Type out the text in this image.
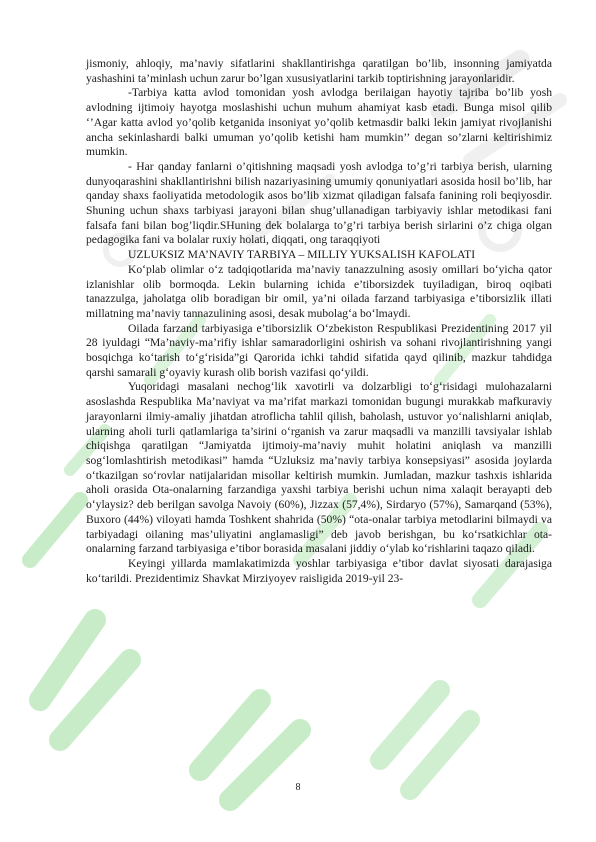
jismoniy, ahloqiy, ma’naviy sifatlarini shakllantirishga qaratilgan bo’lib, insonning jamiyatda yashashini ta’minlash uchun zarur bo’lgan xususiyatlarini tarkib toptirishning jarayonlaridir.

-Tarbiya katta avlod tomonidan yosh avlodga berilaigan hayotiy tajriba bo’lib yosh avlodning ijtimoiy hayotga moslashishi uchun muhum ahamiyat kasb etadi. Bunga misol qilib ‘’Agar katta avlod yo’qolib ketganida insoniyat yo’qolib ketmasdir balki lekin jamiyat rivojlanishi ancha sekinlashardi balki umuman yo’qolib ketishi ham mumkin’’ degan so’zlarni keltirishimiz mumkin.

- Har qanday fanlarni o’qitishning maqsadi yosh avlodga to’g’ri tarbiya berish, ularning dunyoqarashini shakllantirishni bilish nazariyasining umumiy qonuniyatlari asosida hosil bo’lib, har qanday shaxs faoliyatida metodologik asos bo’lib xizmat qiladigan falsafa fanining roli beqiyosdir. Shuning uchun shaxs tarbiyasi jarayoni bilan shug’ullanadigan tarbiyaviy ishlar metodikasi fani falsafa fani bilan bog’liqdir.SHuning dek bolalarga to’g’ri tarbiya berish sirlarini o’z chiga olgan pedagogika fani va bolalar ruxiy holati, diqqati, ong taraqqiyoti

UZLUKSIZ MA’NAVIY TARBIYA – MILLIY YUKSALISH KAFOLATI

Ko‘plab olimlar o‘z tadqiqotlarida ma’naviy tanazzulning asosiy omillari bo‘yicha qator izlanishlar olib bormoqda. Lekin bularning ichida e’tiborsizdek tuyiladigan, biroq oqibati tanazzulga, jaholatga olib boradigan bir omil, ya’ni oilada farzand tarbiyasiga e’tiborsizlik illati millatning ma’naviy tannazulining asosi, desak mubolag‘a bo‘lmaydi.

Oilada farzand tarbiyasiga e’tiborsizlik O‘zbekiston Respublikasi Prezidentining 2017 yil 28 iyuldagi “Ma’naviy-ma’rifiy ishlar samaradorligini oshirish va sohani rivojlantirishning yangi bosqichga ko‘tarish to‘g‘risida”gi Qarorida ichki tahdid sifatida qayd qilinib, mazkur tahdidga qarshi samarali g‘oyaviy kurash olib borish vazifasi qo‘yildi.

Yuqoridagi masalani nechog‘lik xavotirli va dolzarbligi to‘g‘risidagi mulohazalarni asoslashda Respublika Ma’naviyat va ma’rifat markazi tomonidan bugungi murakkab mafkuraviy jarayonlarni ilmiy-amaliy jihatdan atroflicha tahlil qilish, baholash, ustuvor yo‘nalishlarni aniqlab, ularning aholi turli qatlamlariga ta’sirini o‘rganish va zarur maqsadli va manzilli tavsiyalar ishlab chiqishga qaratilgan “Jamiyatda ijtimoiy-ma’naviy muhit holatini aniqlash va manzilli sog‘lomlashtirish metodikasi” hamda “Uzluksiz ma’naviy tarbiya konsepsiyasi” asosida joylarda o‘tkazilgan so‘rovlar natijalaridan misollar keltirish mumkin. Jumladan, mazkur tashxis ishlarida aholi orasida Ota-onalarning farzandiga yaxshi tarbiya berishi uchun nima xalaqit berayapti deb o‘ylaysiz? deb berilgan savolga Navoiy (60%), Jizzax (57,4%), Sirdaryo (57%), Samarqand (53%), Buxoro (44%) viloyati hamda Toshkent shahrida (50%) “ota-onalar tarbiya metodlarini bilmaydi va tarbiyadagi oilaning mas’uliyatini anglamasligi” deb javob berishgan, bu ko‘rsatkichlar ota-onalarning farzand tarbiyasiga e’tibor borasida masalani jiddiy o‘ylab ko‘rishlarini taqazo qiladi.

Keyingi yillarda mamlakatimizda yoshlar tarbiyasiga e’tibor davlat siyosati darajasiga ko‘tarildi. Prezidentimiz Shavkat Mirziyoyev raisligida 2019-yil 23-

8
